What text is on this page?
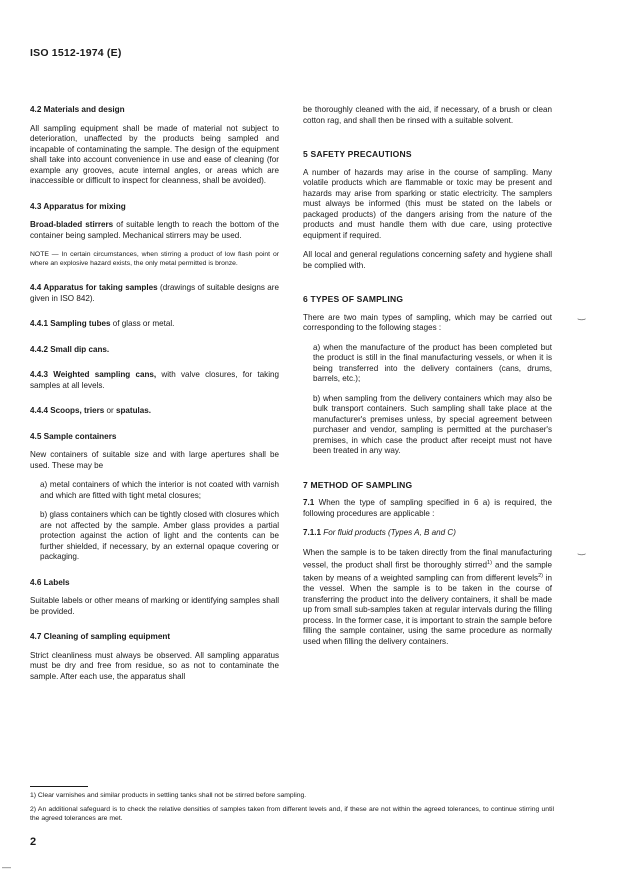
ISO 1512-1974 (E)
4.2 Materials and design

All sampling equipment shall be made of material not subject to deterioration, unaffected by the products being sampled and incapable of contaminating the sample. The design of the equipment shall take into account convenience in use and ease of cleaning (for example any grooves, acute internal angles, or areas which are inaccessible or difficult to inspect for cleanness, shall be avoided).

4.3 Apparatus for mixing

Broad-bladed stirrers of suitable length to reach the bottom of the container being sampled. Mechanical stirrers may be used.

NOTE — In certain circumstances, when stirring a product of low flash point or where an explosive hazard exists, the only metal permitted is bronze.

4.4 Apparatus for taking samples (drawings of suitable designs are given in ISO 842).

4.4.1 Sampling tubes of glass or metal.

4.4.2 Small dip cans.

4.4.3 Weighted sampling cans, with valve closures, for taking samples at all levels.

4.4.4 Scoops, triers or spatulas.

4.5 Sample containers

New containers of suitable size and with large apertures shall be used. These may be

a) metal containers of which the interior is not coated with varnish and which are fitted with tight metal closures;

b) glass containers which can be tightly closed with closures which are not affected by the sample. Amber glass provides a partial protection against the action of light and the contents can be further shielded, if necessary, by an external opaque covering or packaging.

4.6 Labels

Suitable labels or other means of marking or identifying samples shall be provided.

4.7 Cleaning of sampling equipment

Strict cleanliness must always be observed. All sampling apparatus must be dry and free from residue, so as not to contaminate the sample. After each use, the apparatus shall

be thoroughly cleaned with the aid, if necessary, of a brush or clean cotton rag, and shall then be rinsed with a suitable solvent.

5 SAFETY PRECAUTIONS

A number of hazards may arise in the course of sampling. Many volatile products which are flammable or toxic may be present and hazards may arise from sparking or static electricity. The samplers must always be informed (this must be stated on the labels or packaged products) of the dangers arising from the nature of the products and must handle them with due care, using protective equipment if required.

All local and general regulations concerning safety and hygiene shall be complied with.

6 TYPES OF SAMPLING

There are two main types of sampling, which may be carried out corresponding to the following stages :

a) when the manufacture of the product has been completed but the product is still in the final manufacturing vessels, or when it is being transferred into the delivery containers (cans, drums, barrels, etc.);

b) when sampling from the delivery containers which may also be bulk transport containers. Such sampling shall take place at the manufacturer's premises unless, by special agreement between purchaser and vendor, sampling is permitted at the purchaser's premises, in which case the product after receipt must not have been treated in any way.

7 METHOD OF SAMPLING

7.1 When the type of sampling specified in 6 a) is required, the following procedures are applicable :

7.1.1 For fluid products (Types A, B and C)

When the sample is to be taken directly from the final manufacturing vessel, the product shall first be thoroughly stirred$^{1)}$ and the sample taken by means of a weighted sampling can from different levels$^{2)}$ in the vessel. When the sample is to be taken in the course of transferring the product into the delivery containers, it shall be made up from small sub-samples taken at regular intervals during the filling process. In the former case, it is important to strain the sample before filling the sample container, using the same procedure as normally used when filling the delivery containers.

1) Clear varnishes and similar products in settling tanks shall not be stirred before sampling.
2) An additional safeguard is to check the relative densities of samples taken from different levels and, if these are not within the agreed tolerances, to continue stirring until the agreed tolerances are met.
2
‿
‿
—
